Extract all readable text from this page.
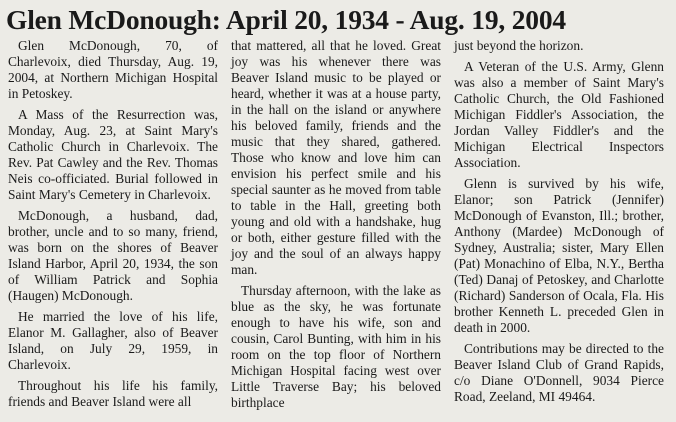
Glen McDonough: April 20, 1934 - Aug. 19, 2004

Glen McDonough, 70, of Charlevoix, died Thursday, Aug. 19, 2004, at Northern Michigan Hospital in Petoskey.

A Mass of the Resurrection was, Monday, Aug. 23, at Saint Mary's Catholic Church in Charlevoix. The Rev. Pat Cawley and the Rev. Thomas Neis co-officiated. Burial followed in Saint Mary's Cemetery in Charlevoix.

McDonough, a husband, dad, brother, uncle and to so many, friend, was born on the shores of Beaver Island Harbor, April 20, 1934, the son of William Patrick and Sophia (Haugen) McDonough.

He married the love of his life, Elanor M. Gallagher, also of Beaver Island, on July 29, 1959, in Charlevoix.

Throughout his life his family, friends and Beaver Island were all

that mattered, all that he loved. Great joy was his whenever there was Beaver Island music to be played or heard, whether it was at a house party, in the hall on the island or anywhere his beloved family, friends and the music that they shared, gathered. Those who know and love him can envision his perfect smile and his special saunter as he moved from table to table in the Hall, greeting both young and old with a handshake, hug or both, either gesture filled with the joy and the soul of an always happy man.

Thursday afternoon, with the lake as blue as the sky, he was fortunate enough to have his wife, son and cousin, Carol Bunting, with him in his room on the top floor of Northern Michigan Hospital facing west over Little Traverse Bay; his beloved birthplace

just beyond the horizon.

A Veteran of the U.S. Army, Glenn was also a member of Saint Mary's Catholic Church, the Old Fashioned Michigan Fiddler's Association, the Jordan Valley Fiddler's and the Michigan Electrical Inspectors Association.

Glenn is survived by his wife, Elanor; son Patrick (Jennifer) McDonough of Evanston, Ill.; brother, Anthony (Mardee) McDonough of Sydney, Australia; sister, Mary Ellen (Pat) Monachino of Elba, N.Y., Bertha (Ted) Danaj of Petoskey, and Charlotte (Richard) Sanderson of Ocala, Fla. His brother Kenneth L. preceded Glen in death in 2000.

Contributions may be directed to the Beaver Island Club of Grand Rapids, c/o Diane O'Donnell, 9034 Pierce Road, Zeeland, MI 49464.
